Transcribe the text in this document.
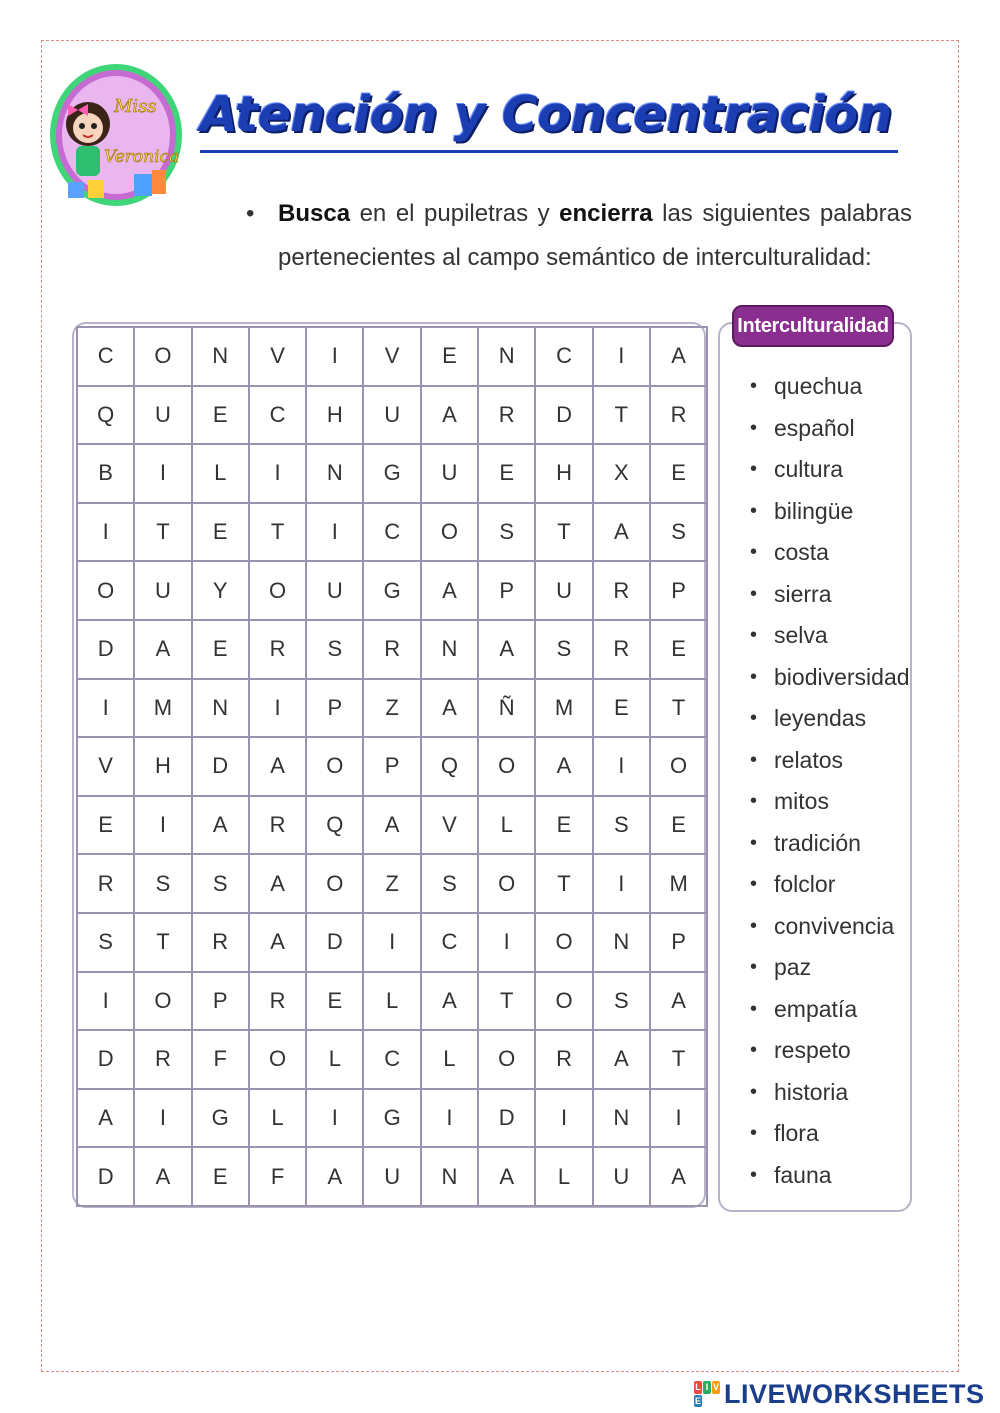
Miss
Veronica
Atención y Concentración
• Busca en el pupiletras y encierra las siguientes palabras
pertenecientes al campo semántico de interculturalidad:
C	O	N	V	I	V	E	N	C	I	A
Q	U	E	C	H	U	A	R	D	T	R
B	I	L	I	N	G	U	E	H	X	E
I	T	E	T	I	C	O	S	T	A	S
O	U	Y	O	U	G	A	P	U	R	P
D	A	E	R	S	R	N	A	S	R	E
I	M	N	I	P	Z	A	Ñ	M	E	T
V	H	D	A	O	P	Q	O	A	I	O
E	I	A	R	Q	A	V	L	E	S	E
R	S	S	A	O	Z	S	O	T	I	M
S	T	R	A	D	I	C	I	O	N	P
I	O	P	R	E	L	A	T	O	S	A
D	R	F	O	L	C	L	O	R	A	T
A	I	G	L	I	G	I	D	I	N	I
D	A	E	F	A	U	N	A	L	U	A
Interculturalidad
• quechua
• español
• cultura
• bilingüe
• costa
• sierra
• selva
• biodiversidad
• leyendas
• relatos
• mitos
• tradición
• folclor
• convivencia
• paz
• empatía
• respeto
• historia
• flora
• fauna
L I V
E LIVEWORKSHEETS
